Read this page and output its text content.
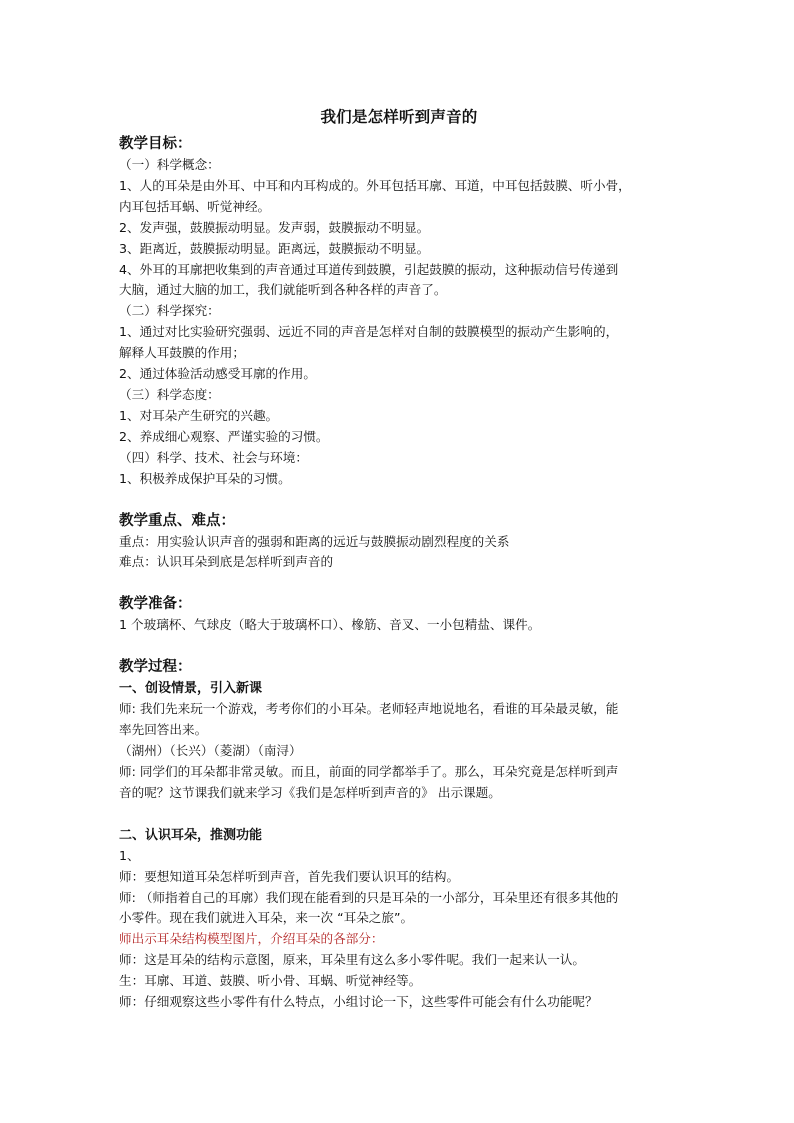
我们是怎样听到声音的
教学目标：
（一）科学概念：
1、人的耳朵是由外耳、中耳和内耳构成的。外耳包括耳廓、耳道，中耳包括鼓膜、听小骨，
内耳包括耳蜗、听觉神经。
2、发声强，鼓膜振动明显。发声弱，鼓膜振动不明显。
3、距离近，鼓膜振动明显。距离远，鼓膜振动不明显。
4、外耳的耳廓把收集到的声音通过耳道传到鼓膜，引起鼓膜的振动，这种振动信号传递到
大脑，通过大脑的加工，我们就能听到各种各样的声音了。
（二）科学探究：
1、通过对比实验研究强弱、远近不同的声音是怎样对自制的鼓膜模型的振动产生影响的，
解释人耳鼓膜的作用；
2、通过体验活动感受耳廓的作用。
（三）科学态度：
1、对耳朵产生研究的兴趣。
2、养成细心观察、严谨实验的习惯。
（四）科学、技术、社会与环境：
1、积极养成保护耳朵的习惯。
教学重点、难点：
重点：用实验认识声音的强弱和距离的远近与鼓膜振动剧烈程度的关系
难点：认识耳朵到底是怎样听到声音的
教学准备：
1 个玻璃杯、气球皮（略大于玻璃杯口）、橡筋、音叉、一小包精盐、课件。
教学过程：
一、创设情景，引入新课
师: 我们先来玩一个游戏，考考你们的小耳朵。老师轻声地说地名，看谁的耳朵最灵敏，能
率先回答出来。
（湖州）（长兴）（菱湖）（南浔）
师: 同学们的耳朵都非常灵敏。而且，前面的同学都举手了。那么，耳朵究竟是怎样听到声
音的呢？这节课我们就来学习《我们是怎样听到声音的》 出示课题。
二、认识耳朵，推测功能
1、
师：要想知道耳朵怎样听到声音，首先我们要认识耳的结构。
师: （师指着自己的耳廓）我们现在能看到的只是耳朵的一小部分，耳朵里还有很多其他的
小零件。现在我们就进入耳朵，来一次 “耳朵之旅”。
师出示耳朵结构模型图片，介绍耳朵的各部分：
师：这是耳朵的结构示意图，原来，耳朵里有这么多小零件呢。我们一起来认一认。
生：耳廓、耳道、鼓膜、听小骨、耳蜗、听觉神经等。
师：仔细观察这些小零件有什么特点，小组讨论一下，这些零件可能会有什么功能呢？
